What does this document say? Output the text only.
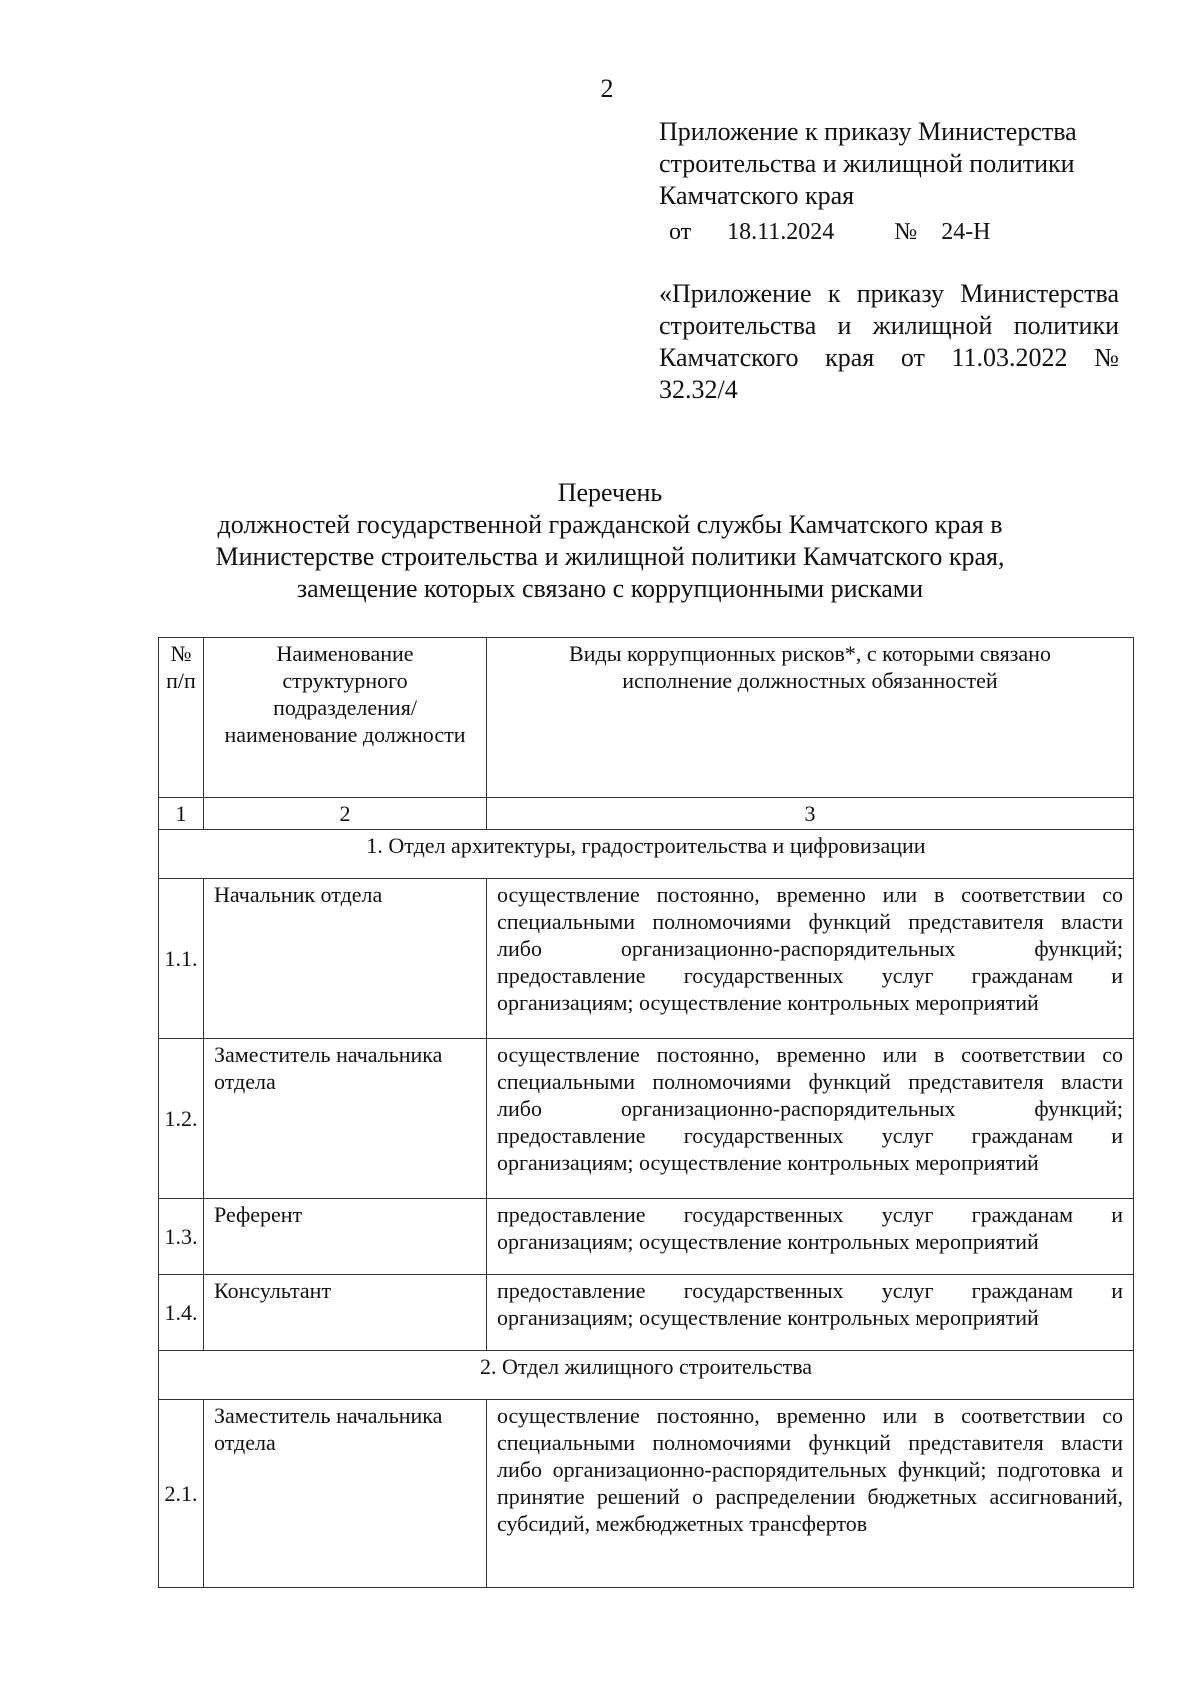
2
Приложение к приказу Министерства
строительства и жилищной политики
Камчатского края
от 18.11.2024	№ 24-Н
«Приложение к приказу Министерства строительства и жилищной политики Камчатского края от 11.03.2022 № 32.32/4
Перечень
должностей государственной гражданской службы Камчатского края в
Министерстве строительства и жилищной политики Камчатского края,
замещение которых связано с коррупционными рисками
№ п/п	Наименование структурного подразделения/ наименование должности	Виды коррупционных рисков*, с которыми связано исполнение должностных обязанностей
1	2	3
1. Отдел архитектуры, градостроительства и цифровизации		
1.1.	Начальник отдела	осуществление постоянно, временно или в соответствии со специальными полномочиями функций представителя власти либо организационно-распорядительных функций; предоставление государственных услуг гражданам и организациям; осуществление контрольных мероприятий
1.2.	Заместитель начальника отдела	осуществление постоянно, временно или в соответствии со специальными полномочиями функций представителя власти либо организационно-распорядительных функций; предоставление государственных услуг гражданам и организациям; осуществление контрольных мероприятий
1.3.	Референт	предоставление государственных услуг гражданам и организациям; осуществление контрольных мероприятий
1.4.	Консультант	предоставление государственных услуг гражданам и организациям; осуществление контрольных мероприятий
2. Отдел жилищного строительства		
2.1.	Заместитель начальника отдела	осуществление постоянно, временно или в соответствии со специальными полномочиями функций представителя власти либо организационно-распорядительных функций; подготовка и принятие решений о распределении бюджетных ассигнований, субсидий, межбюджетных трансфертов
